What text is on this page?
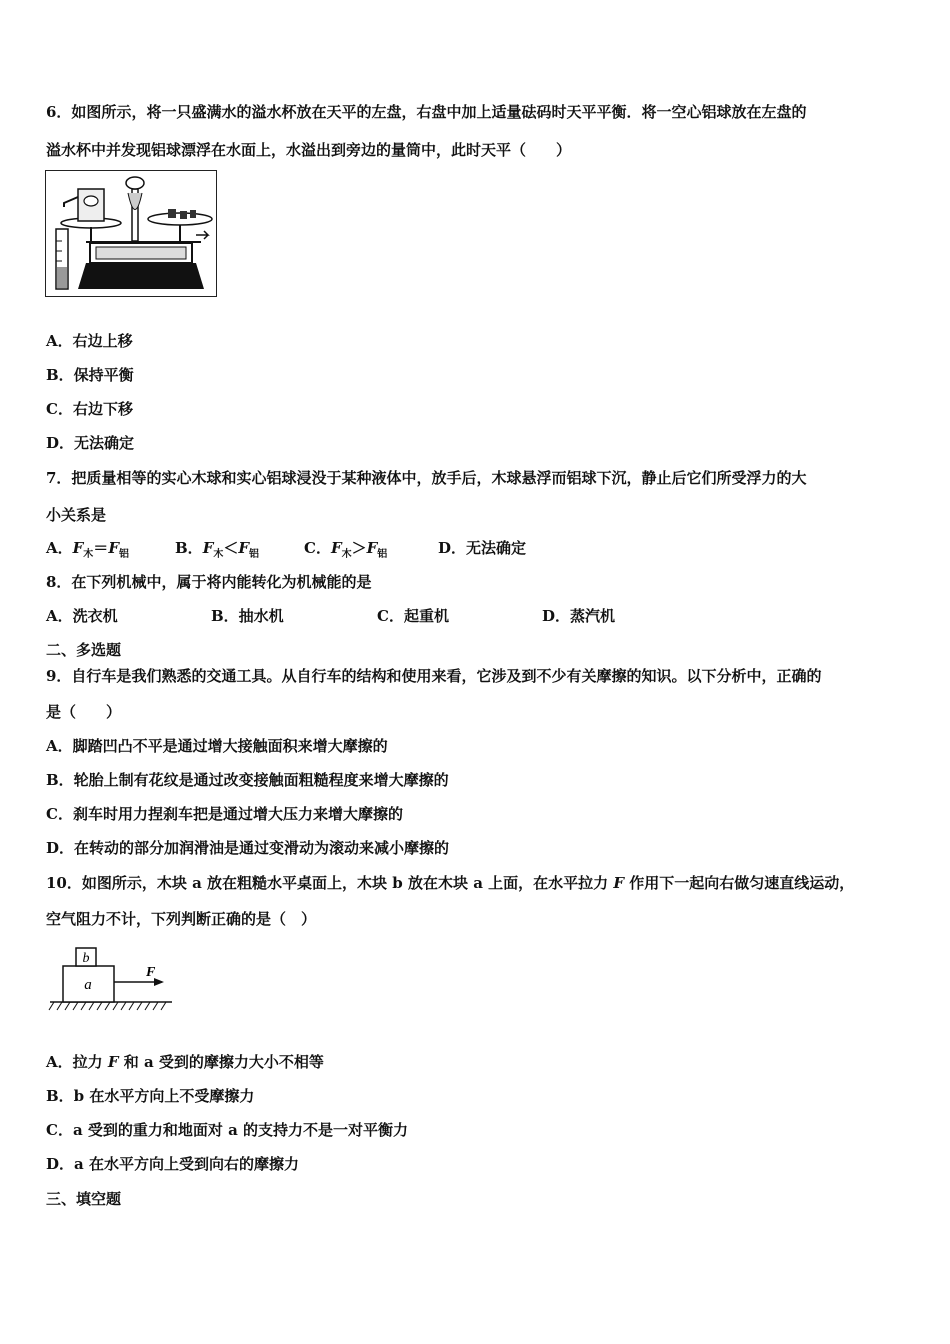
6．如图所示，将一只盛满水的溢水杯放在天平的左盘，右盘中加上适量砝码时天平平衡．将一空心铝球放在左盘的
溢水杯中并发现铝球漂浮在水面上，水溢出到旁边的量筒中，此时天平（　　）
A．右边上移
B．保持平衡
C．右边下移
D．无法确定
7．把质量相等的实心木球和实心铝球浸没于某种液体中，放手后，木球悬浮而铝球下沉，静止后它们所受浮力的大
小关系是
A．$F_木=F_铝$	B．$F_木<F_铝$	C．$F_木>F_铝$	D．无法确定
8．在下列机械中，属于将内能转化为机械能的是
A．洗衣机	B．抽水机	C．起重机	D．蒸汽机
二、多选题
9．自行车是我们熟悉的交通工具。从自行车的结构和使用来看，它涉及到不少有关摩擦的知识。以下分析中，正确的
是（　　）
A．脚踏凹凸不平是通过增大接触面积来增大摩擦的
B．轮胎上制有花纹是通过改变接触面粗糙程度来增大摩擦的
C．刹车时用力捏刹车把是通过增大压力来增大摩擦的
D．在转动的部分加润滑油是通过变滑动为滚动来减小摩擦的
10．如图所示，木块 a 放在粗糙水平桌面上，木块 b 放在木块 a 上面，在水平拉力 F 作用下一起向右做匀速直线运动，
空气阻力不计，下列判断正确的是（　）
b
a
F
A．拉力 F 和 a 受到的摩擦力大小不相等
B．b 在水平方向上不受摩擦力
C．a 受到的重力和地面对 a 的支持力不是一对平衡力
D．a 在水平方向上受到向右的摩擦力
三、填空题
